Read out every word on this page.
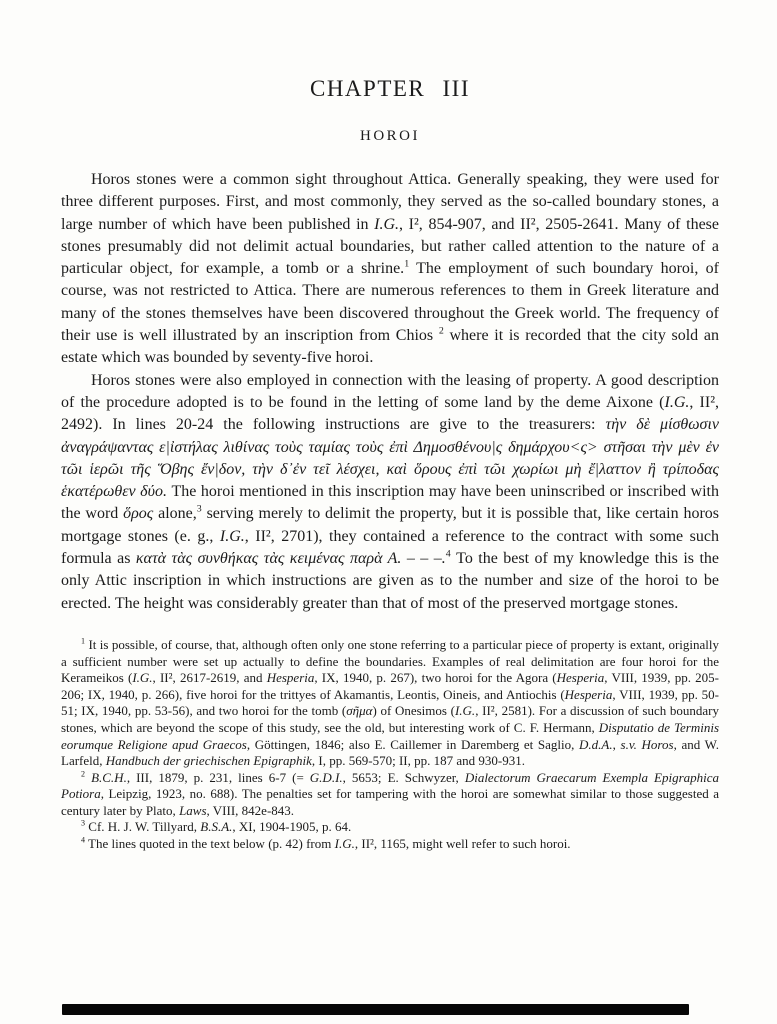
CHAPTER III
HOROI

Horos stones were a common sight throughout Attica. Generally speaking, they were used for three different purposes. First, and most commonly, they served as the so-called boundary stones, a large number of which have been published in I.G., I², 854-907, and II², 2505-2641. Many of these stones presumably did not delimit actual boundaries, but rather called attention to the nature of a particular object, for example, a tomb or a shrine.$^1$ The employment of such boundary horoi, of course, was not restricted to Attica. There are numerous references to them in Greek literature and many of the stones themselves have been discovered throughout the Greek world. The frequency of their use is well illustrated by an inscription from Chios $^2$ where it is recorded that the city sold an estate which was bounded by seventy-five horoi.

Horos stones were also employed in connection with the leasing of property. A good description of the procedure adopted is to be found in the letting of some land by the deme Aixone (I.G., II², 2492). In lines 20-24 the following instructions are give to the treasurers: τὴν δὲ μίσθωσιν ἀναγράψαντας ε|ἰστήλας λιθίνας τοὺς ταμίας τοὺς ἐπὶ Δημοσθένου|ς δημάρχου<ς> στῆσαι τὴν μὲν ἐν τῶι ἱερῶι τῆς Ὅβης ἔν|δον, τὴν δ᾽ἐν τεῖ λέσχει, καὶ ὅρους ἐπὶ τῶι χωρίωι μὴ ἔ|λαττον ἢ τρίποδας ἑκατέρωθεν δύο. The horoi mentioned in this inscription may have been uninscribed or inscribed with the word ὅρος alone,$^3$ serving merely to delimit the property, but it is possible that, like certain horos mortgage stones (e. g., I.G., II², 2701), they contained a reference to the contract with some such formula as κατὰ τὰς συνθήκας τὰς κειμένας παρὰ Α. – – –.$^4$ To the best of my knowledge this is the only Attic inscription in which instructions are given as to the number and size of the horoi to be erected. The height was considerably greater than that of most of the preserved mortgage stones.

$^1$ It is possible, of course, that, although often only one stone referring to a particular piece of property is extant, originally a sufficient number were set up actually to define the boundaries. Examples of real delimitation are four horoi for the Kerameikos (I.G., II², 2617-2619, and Hesperia, IX, 1940, p. 267), two horoi for the Agora (Hesperia, VIII, 1939, pp. 205-206; IX, 1940, p. 266), five horoi for the trittyes of Akamantis, Leontis, Oineis, and Antiochis (Hesperia, VIII, 1939, pp. 50-51; IX, 1940, pp. 53-56), and two horoi for the tomb (σῆμα) of Onesimos (I.G., II², 2581). For a discussion of such boundary stones, which are beyond the scope of this study, see the old, but interesting work of C. F. Hermann, Disputatio de Terminis eorumque Religione apud Graecos, Göttingen, 1846; also E. Caillemer in Daremberg et Saglio, D.d.A., s.v. Horos, and W. Larfeld, Handbuch der griechischen Epigraphik, I, pp. 569-570; II, pp. 187 and 930-931.

$^2$ B.C.H., III, 1879, p. 231, lines 6-7 (= G.D.I., 5653; E. Schwyzer, Dialectorum Graecarum Exempla Epigraphica Potiora, Leipzig, 1923, no. 688). The penalties set for tampering with the horoi are somewhat similar to those suggested a century later by Plato, Laws, VIII, 842e-843.

$^3$ Cf. H. J. W. Tillyard, B.S.A., XI, 1904-1905, p. 64.

$^4$ The lines quoted in the text below (p. 42) from I.G., II², 1165, might well refer to such horoi.
